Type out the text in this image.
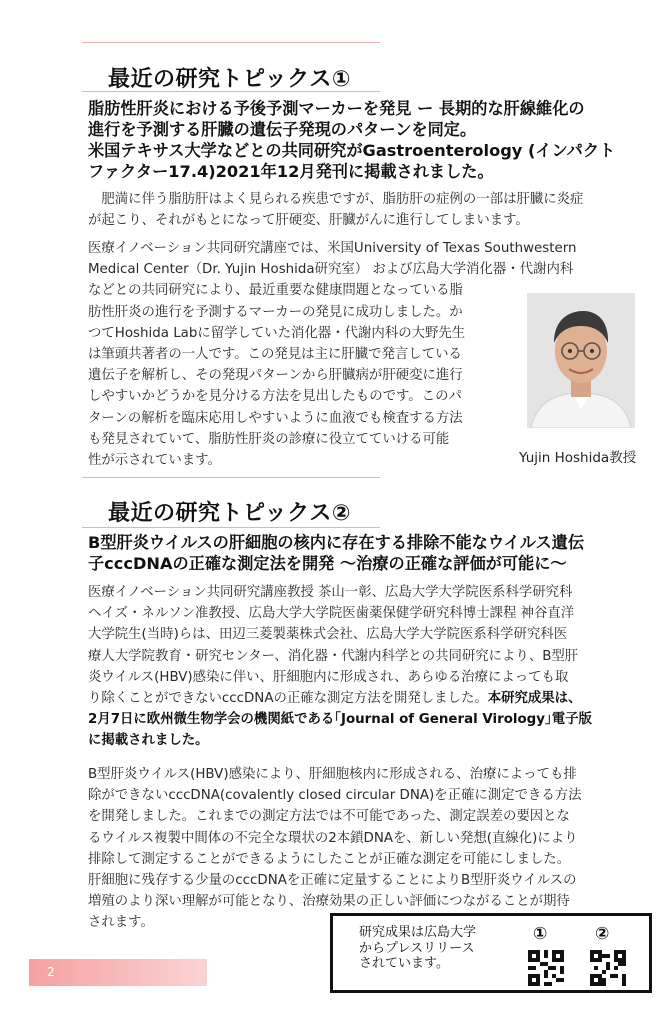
最近の研究トピックス①
脂肪性肝炎における予後予測マーカーを発見 ー 長期的な肝線維化の
進行を予測する肝臓の遺伝子発現のパターンを同定。
米国テキサス大学などとの共同研究がGastroenterology (インパクト
ファクター17.4)2021年12月発刊に掲載されました。
　肥満に伴う脂肪肝はよく見られる疾患ですが、脂肪肝の症例の一部は肝臓に炎症
が起こり、それがもとになって肝硬変、肝臓がんに進行してしまいます。
医療イノベーション共同研究講座では、米国University of Texas Southwestern
Medical Center（Dr. Yujin Hoshida研究室） および広島大学消化器・代謝内科
などとの共同研究により、最近重要な健康問題となっている脂
肪性肝炎の進行を予測するマーカーの発見に成功しました。か
つてHoshida Labに留学していた消化器・代謝内科の大野先生
は筆頭共著者の一人です。この発見は主に肝臓で発言している
遺伝子を解析し、その発現パターンから肝臓病が肝硬変に進行
しやすいかどうかを見分ける方法を見出したものです。このパ
ターンの解析を臨床応用しやすいように血液でも検査する方法
も発見されていて、脂肪性肝炎の診療に役立てていける可能
性が示されています。	Yujin Hoshida教授
最近の研究トピックス②
B型肝炎ウイルスの肝細胞の核内に存在する排除不能なウイルス遺伝
子cccDNAの正確な測定法を開発 ～治療の正確な評価が可能に～
医療イノベーション共同研究講座教授 茶山一彰、広島大学大学院医系科学研究科
ヘイズ・ネルソン准教授、広島大学大学院医歯薬保健学研究科博士課程 神谷直洋
大学院生(当時)らは、田辺三菱製薬株式会社、広島大学大学院医系科学研究科医
療人大学院教育・研究センター、消化器・代謝内科学との共同研究により、B型肝
炎ウイルス(HBV)感染に伴い、肝細胞内に形成され、あらゆる治療によっても取
り除くことができないcccDNAの正確な測定方法を開発しました。本研究成果は、
2月7日に欧州微生物学会の機関紙である｢Journal of General Virology｣電子版
に掲載されました。
B型肝炎ウイルス(HBV)感染により、肝細胞核内に形成される、治療によっても排
除ができないcccDNA(covalently closed circular DNA)を正確に測定できる方法
を開発しました。これまでの測定方法では不可能であった、測定誤差の要因とな
るウイルス複製中間体の不完全な環状の2本鎖DNAを、新しい発想(直線化)により
排除して測定することができるようにしたことが正確な測定を可能にしました。
肝細胞に残存する少量のcccDNAを正確に定量することによりB型肝炎ウイルスの
増殖のより深い理解が可能となり、治療効果の正しい評価につながることが期待
されます。
研究成果は広島大学
からプレスリリース
されています。
①	②
2
